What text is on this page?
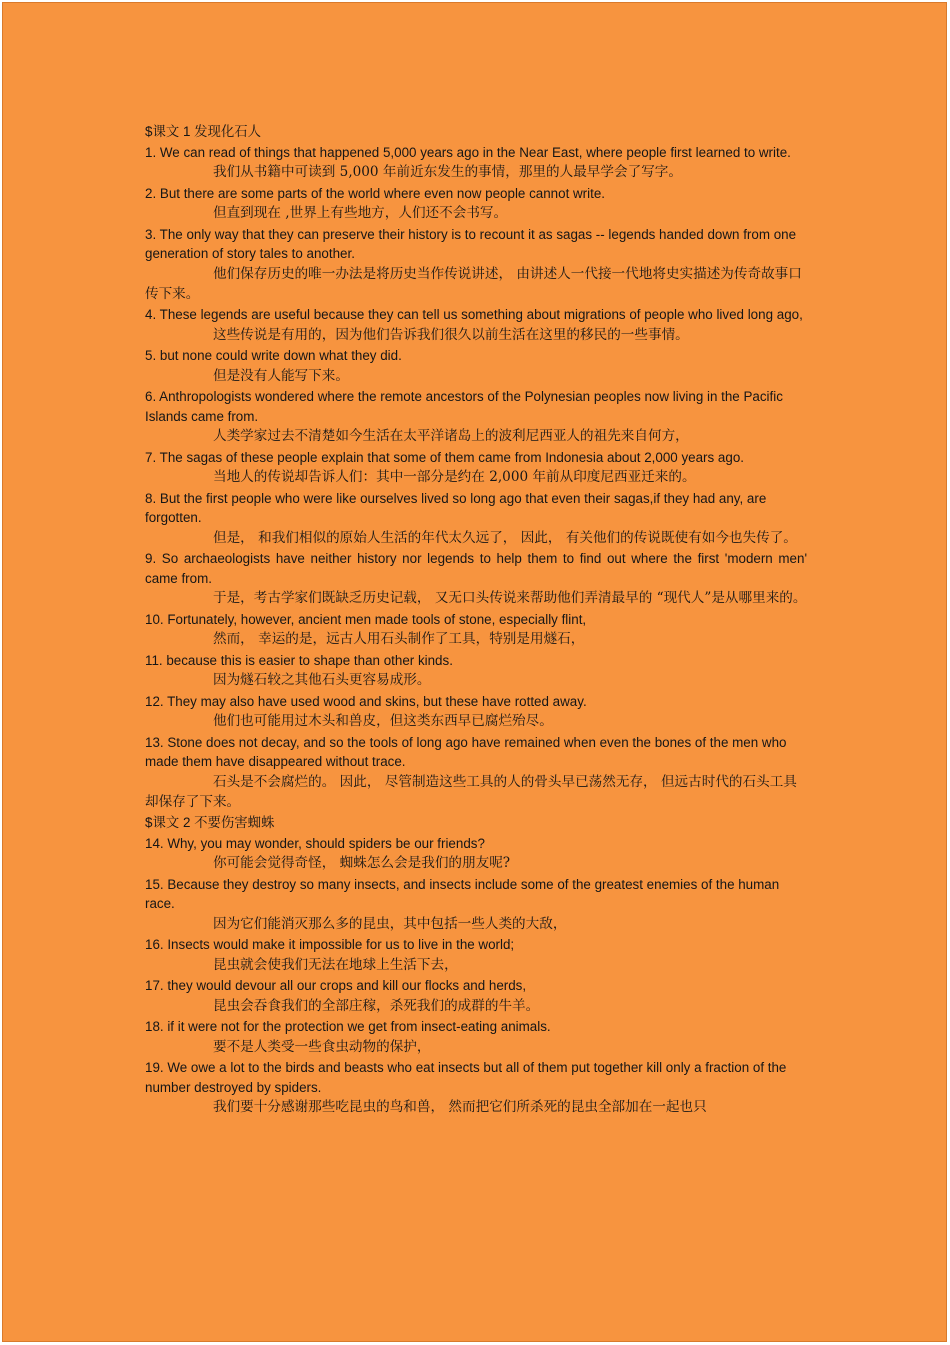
$课文 1 发现化石人

1. We can read of things that happened 5,000 years ago in the Near East, where people first learned to write.

我们从书籍中可读到 5,000 年前近东发生的事情，那里的人最早学会了写字。

2. But there are some parts of the world where even now people cannot write.

但直到现在 ,世界上有些地方，人们还不会书写。

3. The only way that they can preserve their history is to recount it as sagas -- legends handed down from one generation of story tales to another.

他们保存历史的唯一办法是将历史当作传说讲述， 由讲述人一代接一代地将史实描述为传奇故事口传下来。

4. These legends are useful because they can tell us something about migrations of people who lived long ago,

这些传说是有用的，因为他们告诉我们很久以前生活在这里的移民的一些事情。

5. but none could write down what they did.

但是没有人能写下来。

6. Anthropologists wondered where the remote ancestors of the Polynesian peoples now living in the Pacific Islands came from.

人类学家过去不清楚如今生活在太平洋诸岛上的波利尼西亚人的祖先来自何方，

7. The sagas of these people explain that some of them came from Indonesia about 2,000 years ago.

当地人的传说却告诉人们：其中一部分是约在 2,000 年前从印度尼西亚迁来的。

8. But the first people who were like ourselves lived so long ago that even their sagas,if they had any, are forgotten.

但是， 和我们相似的原始人生活的年代太久远了， 因此， 有关他们的传说既使有如今也失传了。

9. So archaeologists have neither history nor legends to help them to find out where the first 'modern men' came from.

于是，考古学家们既缺乏历史记载， 又无口头传说来帮助他们弄清最早的 “现代人”是从哪里来的。

10. Fortunately, however, ancient men made tools of stone, especially flint,

然而， 幸运的是，远古人用石头制作了工具，特别是用燧石，

11. because this is easier to shape than other kinds.

因为燧石较之其他石头更容易成形。

12. They may also have used wood and skins, but these have rotted away.

他们也可能用过木头和兽皮，但这类东西早已腐烂殆尽。

13. Stone does not decay, and so the tools of long ago have remained when even the bones of the men who made them have disappeared without trace.

石头是不会腐烂的。 因此， 尽管制造这些工具的人的骨头早已荡然无存， 但远古时代的石头工具却保存了下来。

$课文 2 不要伤害蜘蛛

14. Why, you may wonder, should spiders be our friends?

你可能会觉得奇怪， 蜘蛛怎么会是我们的朋友呢?

15. Because they destroy so many insects, and insects include some of the greatest enemies of the human race.

因为它们能消灭那么多的昆虫，其中包括一些人类的大敌，

16. Insects would make it impossible for us to live in the world;

昆虫就会使我们无法在地球上生活下去，

17. they would devour all our crops and kill our flocks and herds,

昆虫会吞食我们的全部庄稼，杀死我们的成群的牛羊。

18. if it were not for the protection we get from insect-eating animals.

要不是人类受一些食虫动物的保护，

19. We owe a lot to the birds and beasts who eat insects but all of them put together kill only a fraction of the number destroyed by spiders.

我们要十分感谢那些吃昆虫的鸟和兽， 然而把它们所杀死的昆虫全部加在一起也只
